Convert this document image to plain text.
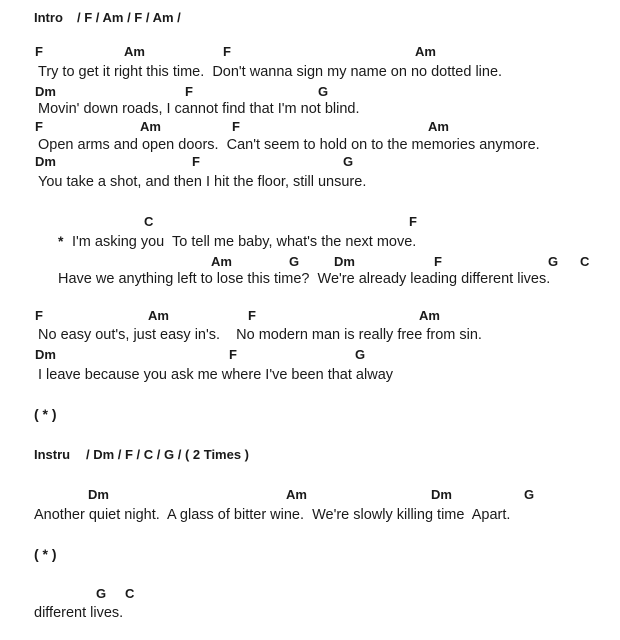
Intro / F / Am / F / Am /
F	Am	F	Am
Try to get it right this time.  Don't wanna sign my name on no dotted line.
Dm	F	G
Movin' down roads, I cannot find that I'm not blind.
F	Am	F	Am
Open arms and open doors.  Can't seem to hold on to the memories anymore.
Dm	F	G
You take a shot, and then I hit the floor, still unsure.
C	F
* I'm asking you  To tell me baby, what's the next move.
Am	G	Dm	F	G C
Have we anything left to lose this time?  We're already leading different lives.
F	Am	F	Am
No easy out's, just easy in's.    No modern man is really free from sin.
Dm	F	G
I leave because you ask me where I've been that alway
( * )
Instru / Dm / F / C / G / ( 2 Times )
Dm	Am	Dm	G
Another quiet night.  A glass of bitter wine.  We're slowly killing time  Apart.
( * )
G C
different lives.
